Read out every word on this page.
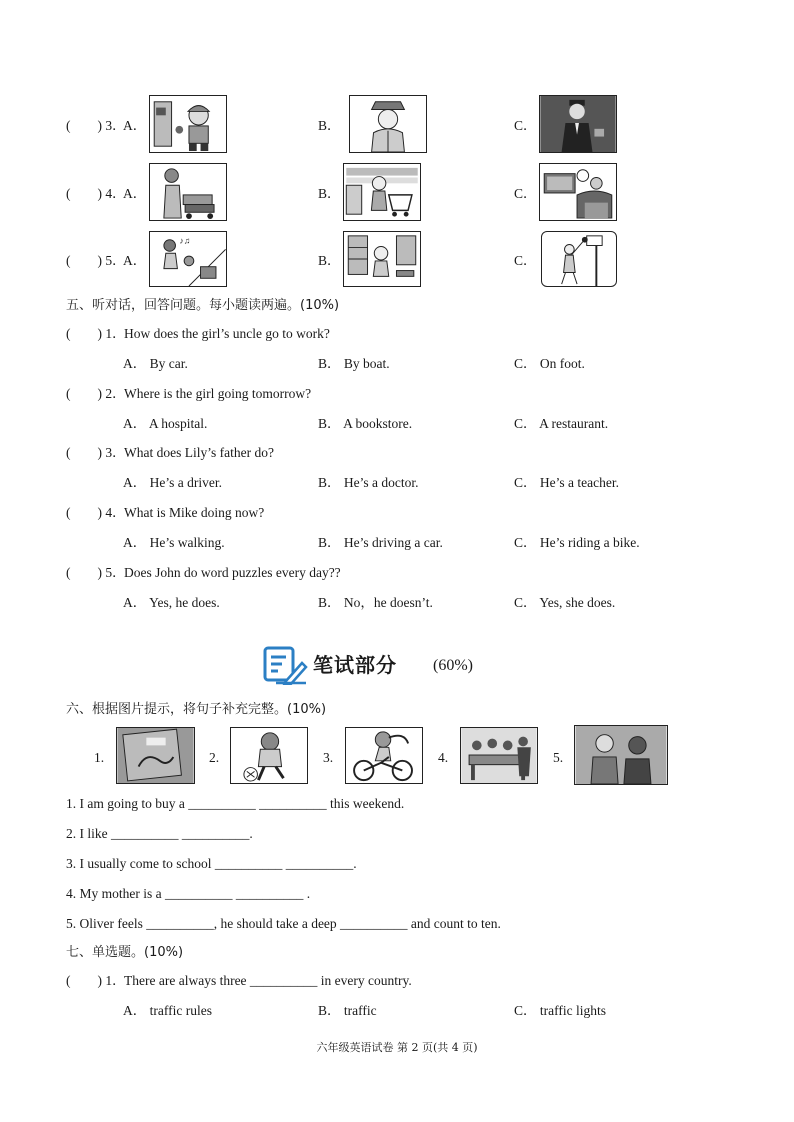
(　　) 3．
A．	B．	C．
(　　) 4．
A．	B．	C．
(　　) 5．
A．
♪♫
B．	C．
五、听对话，回答问题。每小题读两遍。(10%)
(　　) 1．
How does the girl’s uncle go to work?
A． By car.	B． By boat.	C． On foot.
(　　) 2．
Where is the girl going tomorrow?
A． A hospital.	B． A bookstore.	C． A restaurant.
(　　) 3．
What does Lily’s father do?
A． He’s a driver.	B． He’s a doctor.	C． He’s a teacher.
(　　) 4．
What is Mike doing now?
A． He’s walking.	B． He’s driving a car.	C． He’s riding a bike.
(　　) 5．
Does John do word puzzles every day??
A． Yes, he does.	B． No，he doesn’t.	C． Yes, she does.
笔试部分 (60%)
六、根据图片提示，将句子补充完整。(10%)
1.	2.	3.	4.	5.
1. I am going to buy a __________ __________ this weekend.
2. I like __________ __________.
3. I usually come to school __________ __________.
4. My mother is a __________ __________ .
5. Oliver feels __________, he should take a deep __________ and count to ten.
七、单选题。(10%)
(　　) 1．
There are always three __________ in every country.
A． traffic rules	B． traffic	C． traffic lights
六年级英语试卷 第 2 页(共 4 页)
